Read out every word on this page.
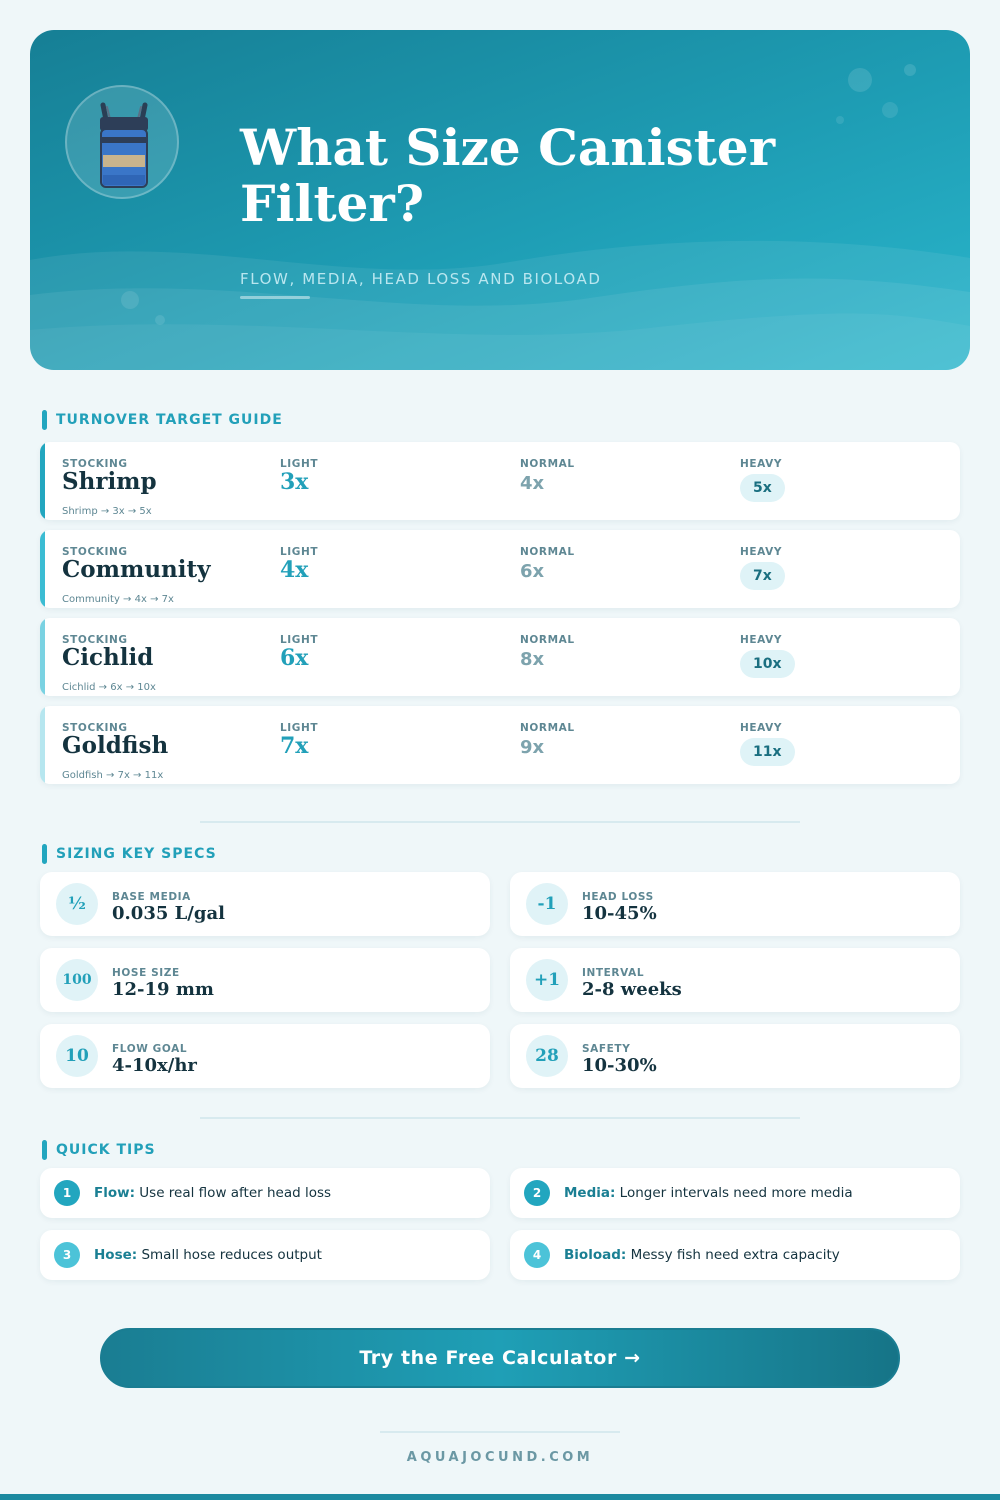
What Size Canister Filter?
FLOW, MEDIA, HEAD LOSS AND BIOLOAD
TURNOVER TARGET GUIDE
STOCKING	LIGHT	NORMAL	HEAVY
Shrimp
Shrimp → 3x → 5x
3x	4x	5x
STOCKING	LIGHT	NORMAL	HEAVY
Community
Community → 4x → 7x
4x	6x	7x
STOCKING	LIGHT	NORMAL	HEAVY
Cichlid
Cichlid → 6x → 10x
6x	8x	10x
STOCKING	LIGHT	NORMAL	HEAVY
Goldfish
Goldfish → 7x → 11x
7x	9x	11x
SIZING KEY SPECS
½	BASE MEDIA
0.035 L/gal	-1	HEAD LOSS
10-45%
100	HOSE SIZE
12-19 mm	+1	INTERVAL
2-8 weeks
10	FLOW GOAL
4-10x/hr	28	SAFETY
10-30%
QUICK TIPS
1	Flow: Use real flow after head loss	2	Media: Longer intervals need more media
3	Hose: Small hose reduces output	4	Bioload: Messy fish need extra capacity
Try the Free Calculator →
AQUAJOCUND.COM
